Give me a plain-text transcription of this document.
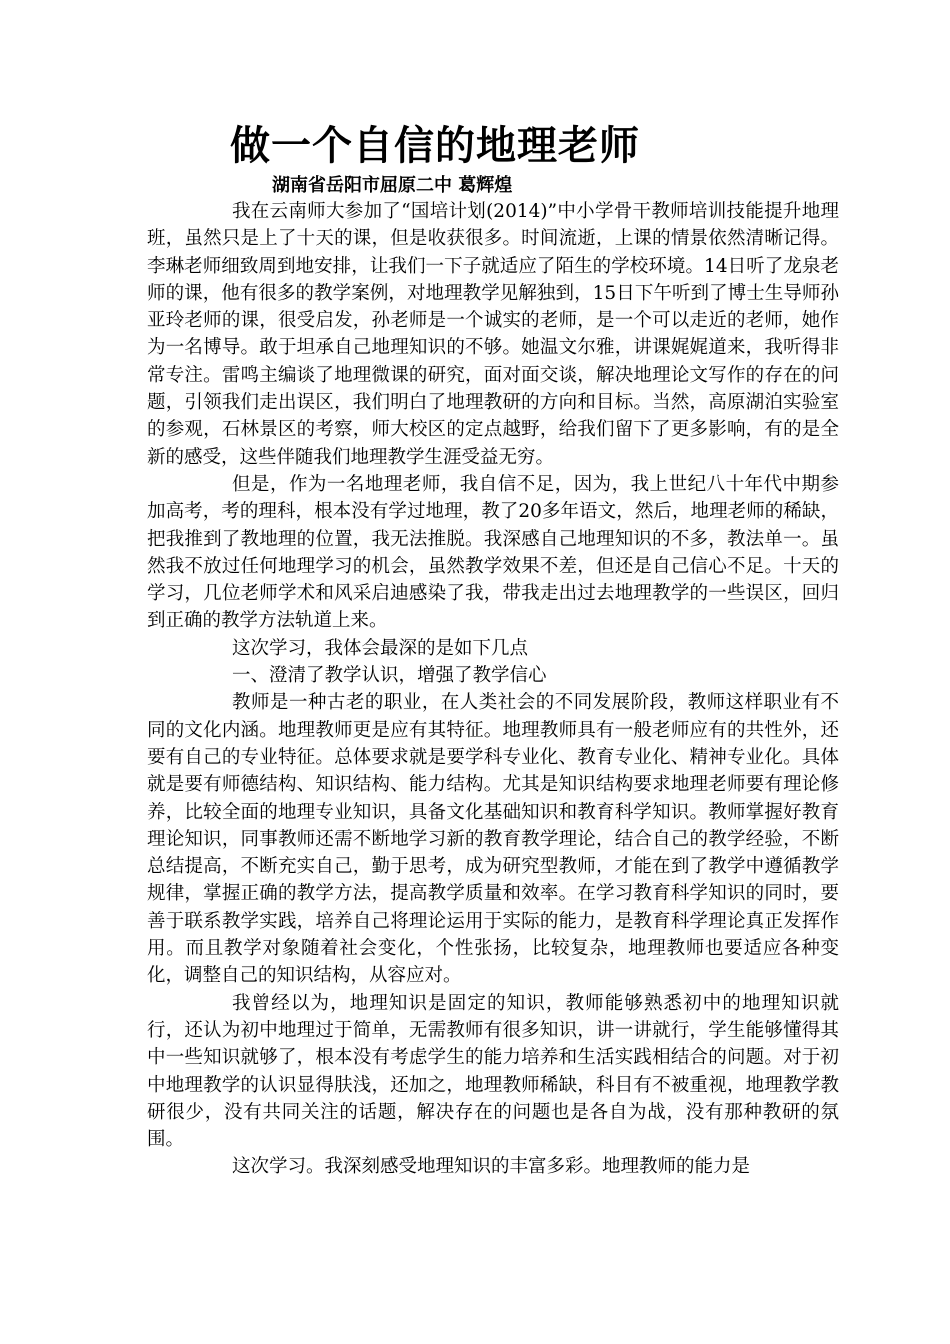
做一个自信的地理老师

湖南省岳阳市屈原二中 葛辉煌

我在云南师大参加了“国培计划(2014)”中小学骨干教师培训技能提升地理班，虽然只是上了十天的课，但是收获很多。时间流逝，上课的情景依然清晰记得。李琳老师细致周到地安排，让我们一下子就适应了陌生的学校环境。14日听了龙泉老师的课，他有很多的教学案例，对地理教学见解独到，15日下午听到了博士生导师孙亚玲老师的课，很受启发，孙老师是一个诚实的老师，是一个可以走近的老师，她作为一名博导。敢于坦承自己地理知识的不够。她温文尔雅，讲课娓娓道来，我听得非常专注。雷鸣主编谈了地理微课的研究，面对面交谈，解决地理论文写作的存在的问题，引领我们走出误区，我们明白了地理教研的方向和目标。当然，高原湖泊实验室的参观，石林景区的考察，师大校区的定点越野，给我们留下了更多影响，有的是全新的感受，这些伴随我们地理教学生涯受益无穷。

但是，作为一名地理老师，我自信不足，因为，我上世纪八十年代中期参加高考，考的理科，根本没有学过地理，教了20多年语文，然后，地理老师的稀缺，把我推到了教地理的位置，我无法推脱。我深感自己地理知识的不多，教法单一。虽然我不放过任何地理学习的机会，虽然教学效果不差，但还是自己信心不足。十天的学习，几位老师学术和风采启迪感染了我，带我走出过去地理教学的一些误区，回归到正确的教学方法轨道上来。

这次学习，我体会最深的是如下几点

一、澄清了教学认识，增强了教学信心

教师是一种古老的职业，在人类社会的不同发展阶段，教师这样职业有不同的文化内涵。地理教师更是应有其特征。地理教师具有一般老师应有的共性外，还要有自己的专业特征。总体要求就是要学科专业化、教育专业化、精神专业化。具体就是要有师德结构、知识结构、能力结构。尤其是知识结构要求地理老师要有理论修养，比较全面的地理专业知识，具备文化基础知识和教育科学知识。教师掌握好教育理论知识，同事教师还需不断地学习新的教育教学理论，结合自己的教学经验，不断总结提高，不断充实自己，勤于思考，成为研究型教师，才能在到了教学中遵循教学规律，掌握正确的教学方法，提高教学质量和效率。在学习教育科学知识的同时，要善于联系教学实践，培养自己将理论运用于实际的能力，是教育科学理论真正发挥作用。而且教学对象随着社会变化，个性张扬，比较复杂，地理教师也要适应各种变化，调整自己的知识结构，从容应对。

我曾经以为，地理知识是固定的知识，教师能够熟悉初中的地理知识就行，还认为初中地理过于简单，无需教师有很多知识，讲一讲就行，学生能够懂得其中一些知识就够了，根本没有考虑学生的能力培养和生活实践相结合的问题。对于初中地理教学的认识显得肤浅，还加之，地理教师稀缺，科目有不被重视，地理教学教研很少，没有共同关注的话题，解决存在的问题也是各自为战，没有那种教研的氛围。

这次学习。我深刻感受地理知识的丰富多彩。地理教师的能力是
